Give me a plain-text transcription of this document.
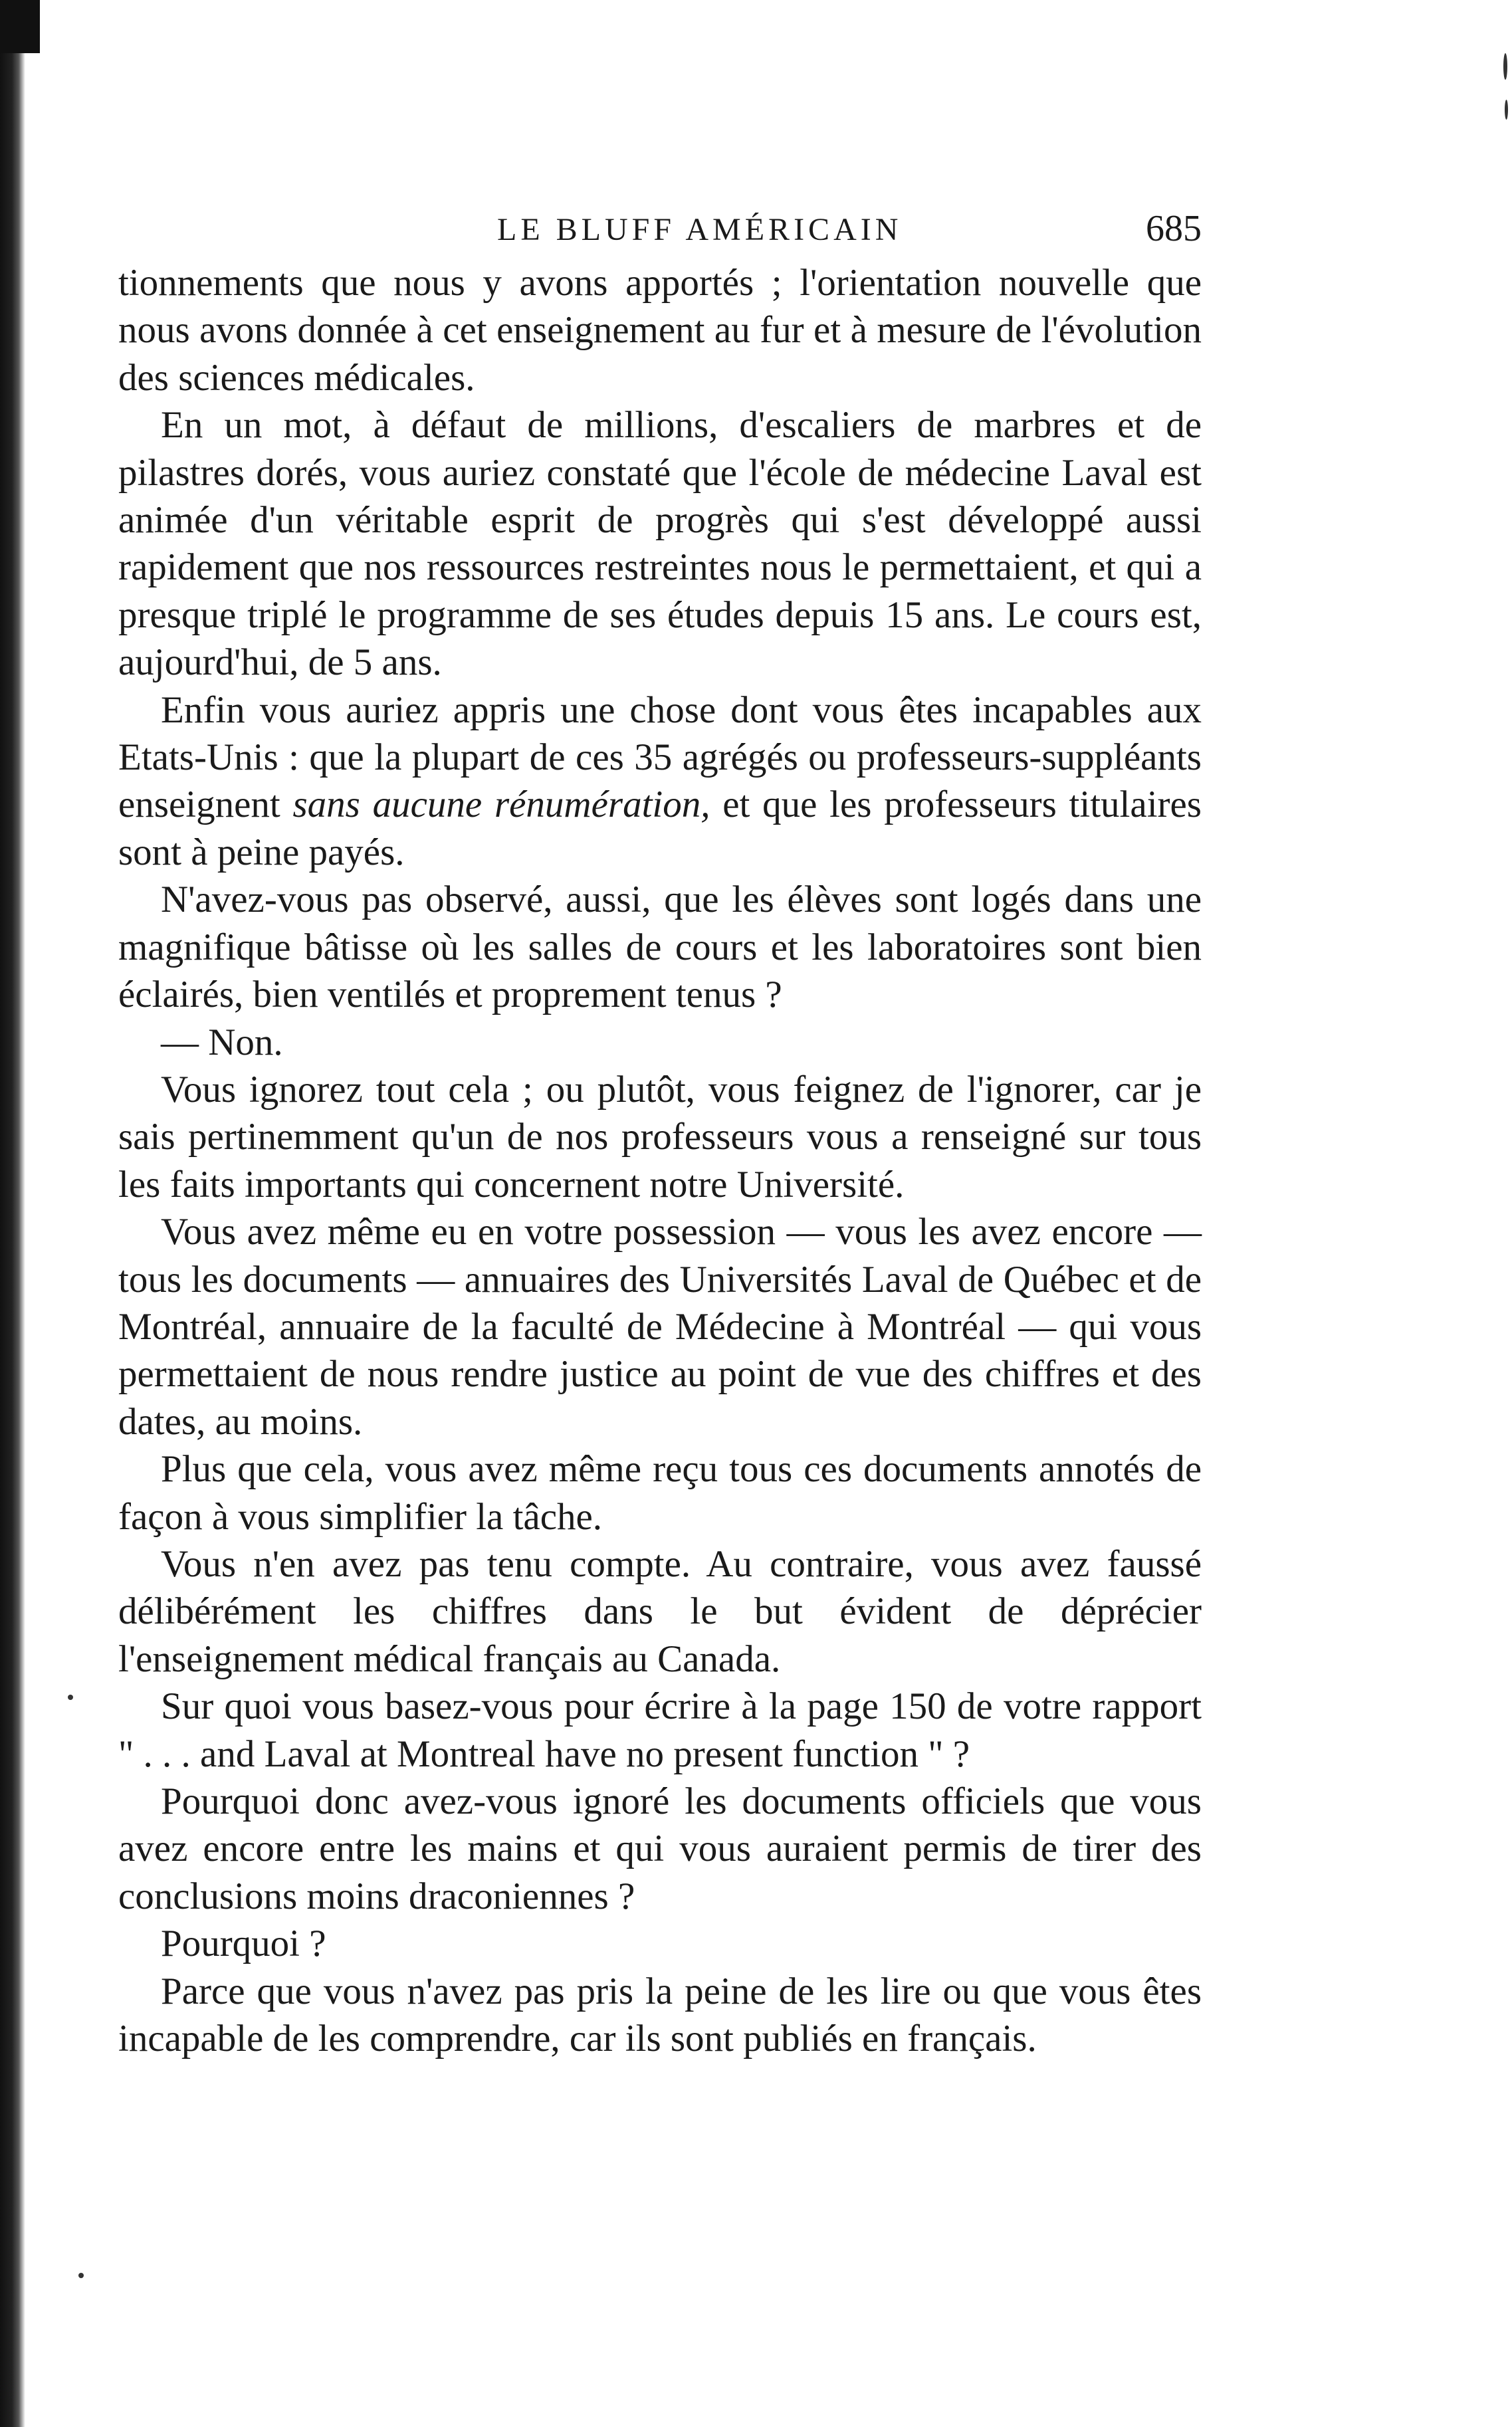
LE BLUFF AMÉRICAIN	685

tionnements que nous y avons apportés ; l'orientation nouvelle que nous avons donnée à cet enseignement au fur et à mesure de l'évolution des sciences médicales.

En un mot, à défaut de millions, d'escaliers de marbres et de pilastres dorés, vous auriez constaté que l'école de médecine Laval est animée d'un véritable esprit de progrès qui s'est développé aussi rapidement que nos ressources restreintes nous le permettaient, et qui a presque triplé le programme de ses études depuis 15 ans. Le cours est, aujourd'hui, de 5 ans.

Enfin vous auriez appris une chose dont vous êtes incapables aux Etats-Unis : que la plupart de ces 35 agrégés ou professeurs-suppléants enseignent sans aucune rénumération, et que les professeurs titulaires sont à peine payés.

N'avez-vous pas observé, aussi, que les élèves sont logés dans une magnifique bâtisse où les salles de cours et les laboratoires sont bien éclairés, bien ventilés et proprement tenus ?

— Non.

Vous ignorez tout cela ; ou plutôt, vous feignez de l'ignorer, car je sais pertinemment qu'un de nos professeurs vous a renseigné sur tous les faits importants qui concernent notre Université.

Vous avez même eu en votre possession — vous les avez encore — tous les documents — annuaires des Universités Laval de Québec et de Montréal, annuaire de la faculté de Médecine à Montréal — qui vous permettaient de nous rendre justice au point de vue des chiffres et des dates, au moins.

Plus que cela, vous avez même reçu tous ces documents annotés de façon à vous simplifier la tâche.

Vous n'en avez pas tenu compte. Au contraire, vous avez faussé délibérément les chiffres dans le but évident de déprécier l'enseignement médical français au Canada.

Sur quoi vous basez-vous pour écrire à la page 150 de votre rapport " . . . and Laval at Montreal have no present function " ?

Pourquoi donc avez-vous ignoré les documents officiels que vous avez encore entre les mains et qui vous auraient permis de tirer des conclusions moins draconiennes ?

Pourquoi ?

Parce que vous n'avez pas pris la peine de les lire ou que vous êtes incapable de les comprendre, car ils sont publiés en français.
